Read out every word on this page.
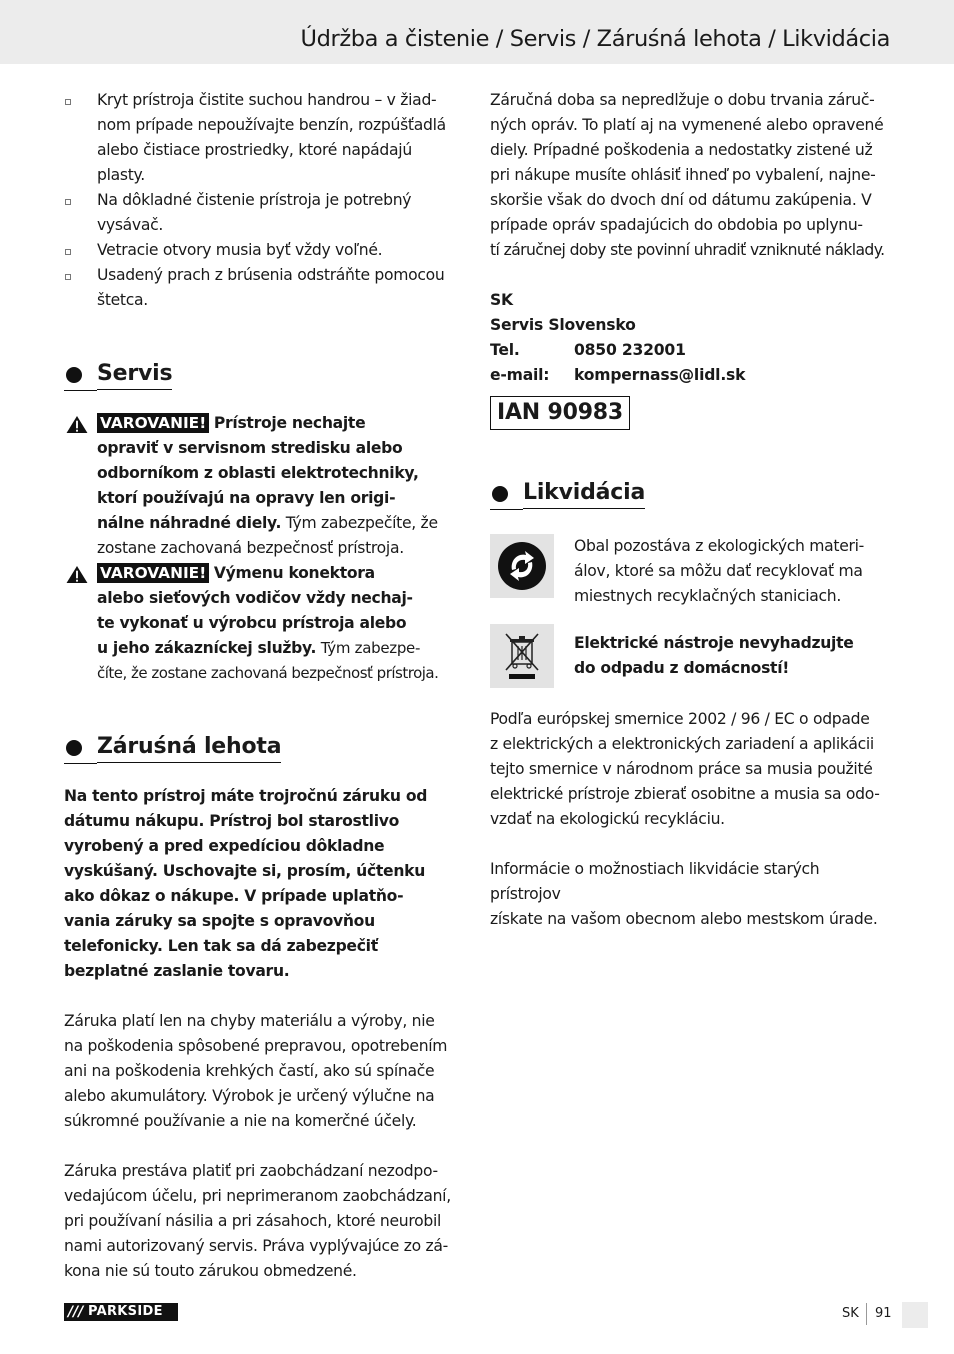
Údržba a čistenie / Servis / Záruśná lehota / Likvidácia
Kryt prístroja čistite suchou handrou – v žiad-
nom prípade nepoužívajte benzín, rozpúšťadlá
alebo čistiace prostriedky, ktoré napádajú plasty.
Na dôkladné čistenie prístroja je potrebný
vysávač.
Vetracie otvory musia byť vždy voľné.
Usadený prach z brúsenia odstráňte pomocou
štetca.
Servis
VAROVANIE! Prístroje nechajte
opraviť v servisnom stredisku alebo
odborníkom z oblasti elektrotechniky,
ktorí používajú na opravy len origi-
nálne náhradné diely. Tým zabezpečíte, že
zostane zachovaná bezpečnosť prístroja.
VAROVANIE! Výmenu konektora
alebo sieťových vodičov vždy nechaj-
te vykonať u výrobcu prístroja alebo
u jeho zákazníckej služby. Tým zabezpe-
číte, že zostane zachovaná bezpečnosť prístroja.
Záruśná lehota
Na tento prístroj máte trojročnú záruku od
dátumu nákupu. Prístroj bol starostlivo
vyrobený a pred expedíciou dôkladne
vyskúšaný. Uschovajte si, prosím, účtenku
ako dôkaz o nákupe. V prípade uplatňo-
vania záruky sa spojte s opravovňou
telefonicky. Len tak sa dá zabezpečiť
bezplatné zaslanie tovaru.
Záruka platí len na chyby materiálu a výroby, nie
na poškodenia spôsobené prepravou, opotrebením
ani na poškodenia krehkých častí, ako sú spínače
alebo akumulátory. Výrobok je určený výlučne na
súkromné používanie a nie na komerčné účely.
Záruka prestáva platiť pri zaobchádzaní nezodpo-
vedajúcom účelu, pri neprimeranom zaobchádzaní,
pri používaní násilia a pri zásahoch, ktoré neurobil
nami autorizovaný servis. Práva vyplývajúce zo zá-
kona nie sú touto zárukou obmedzené.
Záručná doba sa nepredlžuje o dobu trvania záruč-
ných opráv. To platí aj na vymenené alebo opravené
diely. Prípadné poškodenia a nedostatky zistené už
pri nákupe musíte ohlásiť ihneď po vybalení, najne-
skoršie však do dvoch dní od dátumu zakúpenia. V
prípade opráv spadajúcich do obdobia po uplynu-
tí záručnej doby ste povinní uhradiť vzniknuté náklady.
SK
Servis Slovensko
Tel.	0850 232001
e-mail:	kompernass@lidl.sk
IAN 90983
Likvidácia
Obal pozostáva z ekologických materi-
álov, ktoré sa môžu dať recyklovať ma
miestnych recyklačných staniciach.
Elektrické nástroje nevyhadzujte
do odpadu z domácností!
Podľa európskej smernice 2002 / 96 / EC o odpade
z elektrických a elektronických zariadení a aplikácii
tejto smernice v národnom práce sa musia použité
elektrické prístroje zbierať osobitne a musia sa odo-
vzdať na ekologickú recykláciu.
Informácie o možnostiach likvidácie starých prístrojov
získate na vašom obecnom alebo mestskom úrade.
/// PARKSIDE	SK 91
